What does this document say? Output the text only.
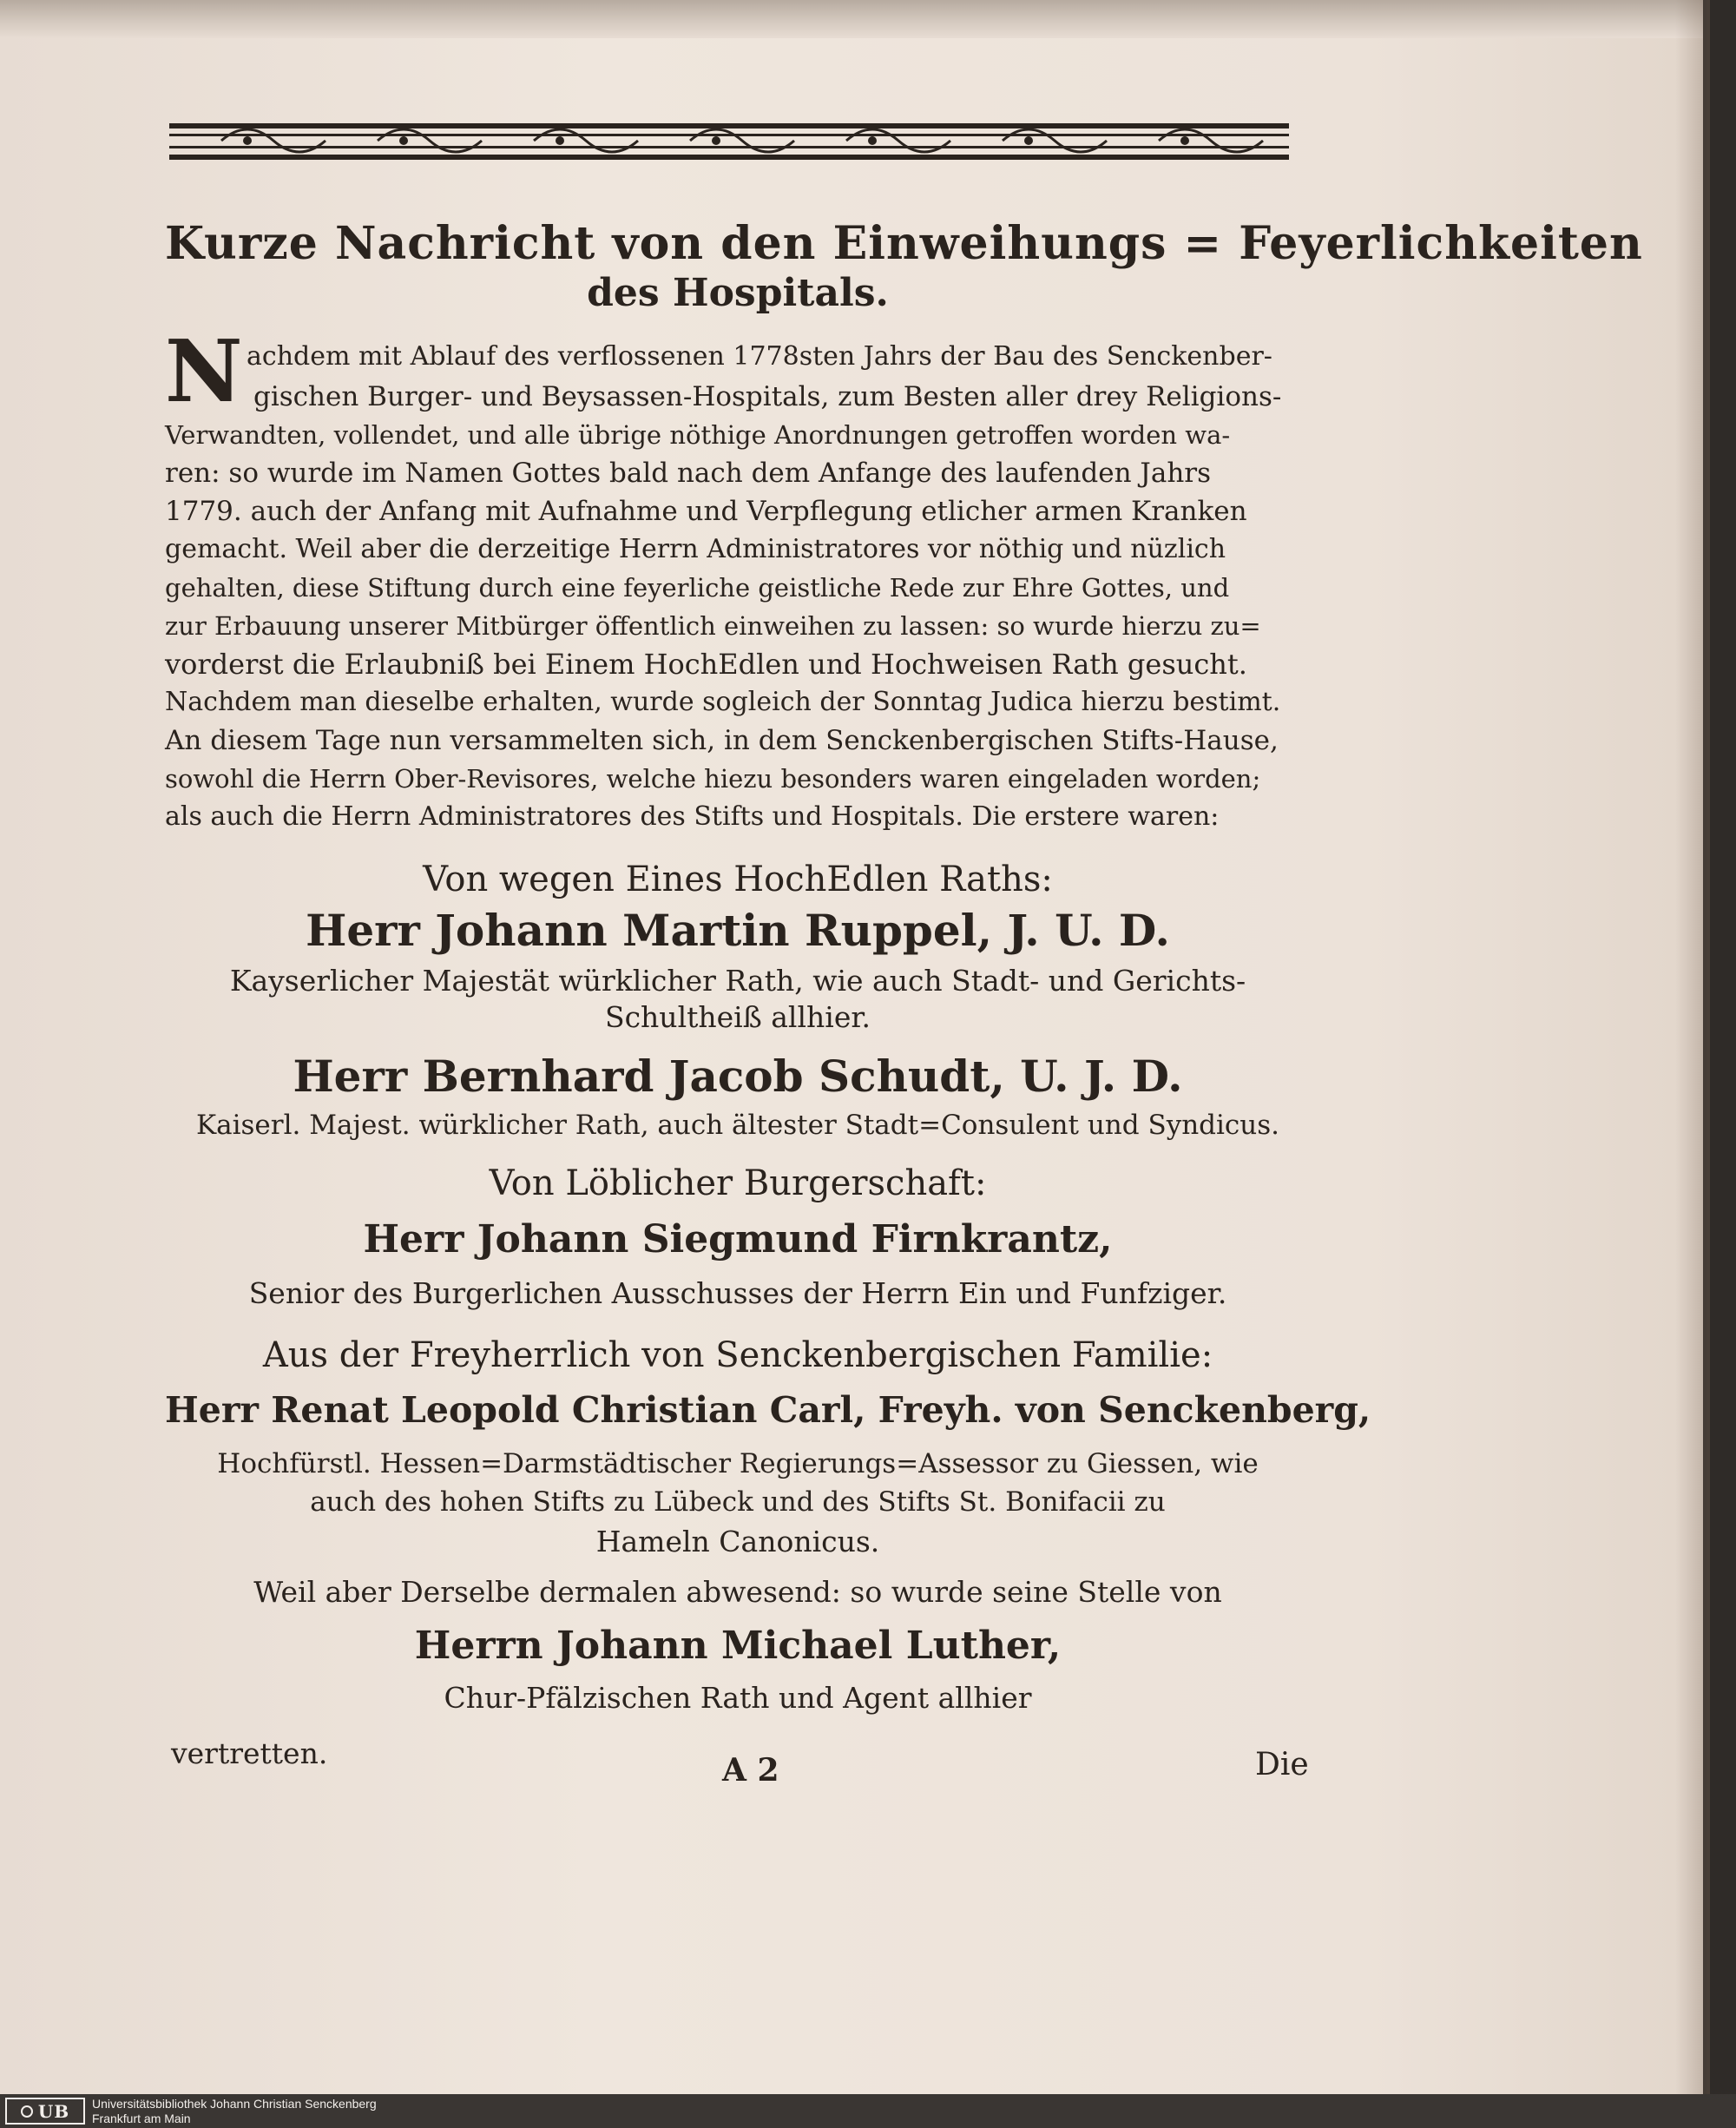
Kurze Nachricht von den Einweihungs = Feyerlichkeiten
des Hospitals.
N achdem mit Ablauf des verflossenen 1778sten Jahrs der Bau des Senckenber-
gischen Burger- und Beysassen-Hospitals, zum Besten aller drey Religions-
Verwandten, vollendet, und alle übrige nöthige Anordnungen getroffen worden wa-
ren: so wurde im Namen Gottes bald nach dem Anfange des laufenden Jahrs
1779. auch der Anfang mit Aufnahme und Verpflegung etlicher armen Kranken
gemacht. Weil aber die derzeitige Herrn Administratores vor nöthig und nüzlich
gehalten, diese Stiftung durch eine feyerliche geistliche Rede zur Ehre Gottes, und
zur Erbauung unserer Mitbürger öffentlich einweihen zu lassen: so wurde hierzu zu=
vorderst die Erlaubniß bei Einem HochEdlen und Hochweisen Rath gesucht.
Nachdem man dieselbe erhalten, wurde sogleich der Sonntag Judica hierzu bestimt.
An diesem Tage nun versammelten sich, in dem Senckenbergischen Stifts-Hause,
sowohl die Herrn Ober-Revisores, welche hiezu besonders waren eingeladen worden;
als auch die Herrn Administratores des Stifts und Hospitals. Die erstere waren:
Von wegen Eines HochEdlen Raths:
Herr Johann Martin Ruppel, J. U. D.
Kayserlicher Majestät würklicher Rath, wie auch Stadt- und Gerichts-
Schultheiß allhier.
Herr Bernhard Jacob Schudt, U. J. D.
Kaiserl. Majest. würklicher Rath, auch ältester Stadt=Consulent und Syndicus.
Von Löblicher Burgerschaft:
Herr Johann Siegmund Firnkrantz,
Senior des Burgerlichen Ausschusses der Herrn Ein und Funfziger.
Aus der Freyherrlich von Senckenbergischen Familie:
Herr Renat Leopold Christian Carl, Freyh. von Senckenberg,
Hochfürstl. Hessen=Darmstädtischer Regierungs=Assessor zu Giessen, wie
auch des hohen Stifts zu Lübeck und des Stifts St. Bonifacii zu
Hameln Canonicus.
Weil aber Derselbe dermalen abwesend: so wurde seine Stelle von
Herrn Johann Michael Luther,
Chur-Pfälzischen Rath und Agent allhier
vertretten.	A 2	Die
UB Universitätsbibliothek Johann Christian Senckenberg
Frankfurt am Main
